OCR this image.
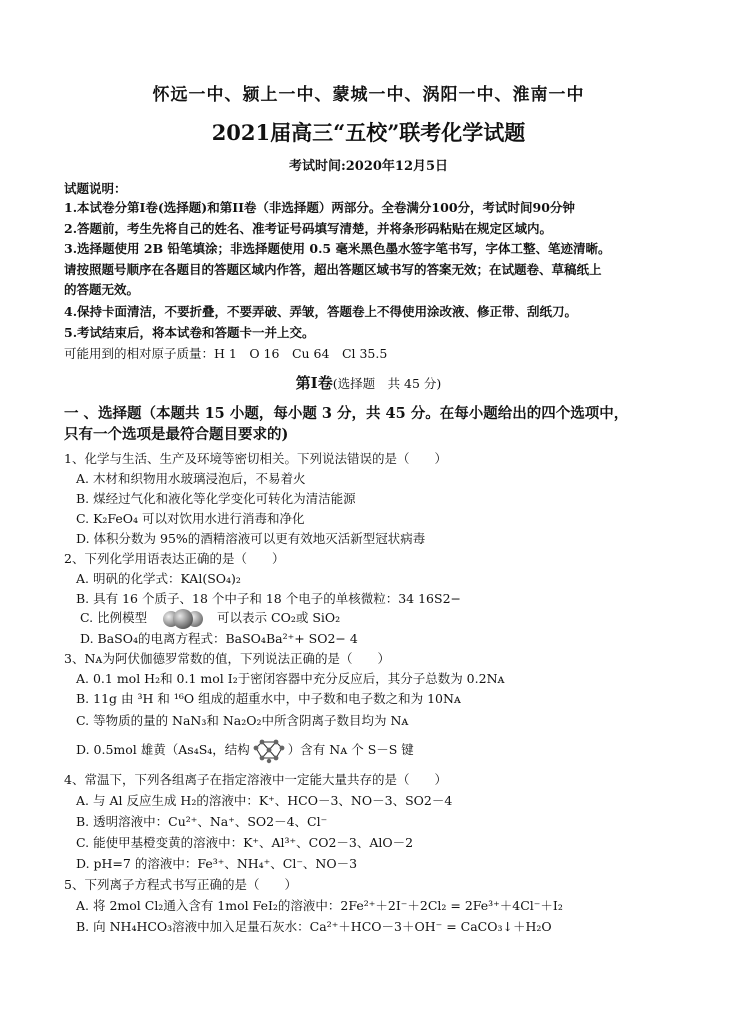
怀远一中、颍上一中、蒙城一中、涡阳一中、淮南一中
2021届高三“五校”联考化学试题
考试时间:2020年12月5日
试题说明：
1.本试卷分第Ⅰ卷(选择题)和第II卷（非选择题）两部分。全卷满分100分，考试时间90分钟
2.答题前，考生先将自己的姓名、准考证号码填写清楚，并将条形码粘贴在规定区域内。
3.选择题使用 2B 铅笔填涂；非选择题使用 0.5 毫米黑色墨水签字笔书写，字体工整、笔迹清晰。
请按照题号顺序在各题目的答题区域内作答，超出答题区域书写的答案无效；在试题卷、草稿纸上
的答题无效。
4.保持卡面清洁，不要折叠，不要弄破、弄皱，答题卷上不得使用涂改液、修正带、刮纸刀。
5.考试结束后，将本试卷和答题卡一并上交。
可能用到的相对原子质量：H 1　O 16　Cu 64　Cl 35.5
第Ⅰ卷(选择题　共 45 分)
一 、选择题（本题共 15 小题，每小题 3 分，共 45 分。在每小题给出的四个选项中，
只有一个选项是最符合题目要求的)
1、化学与生活、生产及环境等密切相关。下列说法错误的是（　　）
A. 木材和织物用水玻璃浸泡后，不易着火
B. 煤经过气化和液化等化学变化可转化为清洁能源
C. K₂FeO₄ 可以对饮用水进行消毒和净化
D. 体积分数为 95%的酒精溶液可以更有效地灭活新型冠状病毒
2、下列化学用语表达正确的是（　　）
A. 明矾的化学式：KAl(SO₄)₂
B. 具有 16 个质子、18 个中子和 18 个电子的单核微粒：34 16S2−
C. 比例模型	可以表示 CO₂或 SiO₂
D. BaSO₄的电离方程式：BaSO₄Ba²⁺+ SO2− 4
3、Nᴀ为阿伏伽德罗常数的值，下列说法正确的是（　　）
A. 0.1 mol H₂和 0.1 mol I₂于密闭容器中充分反应后，其分子总数为 0.2Nᴀ
B. 11g 由 ³H 和 ¹⁶O 组成的超重水中，中子数和电子数之和为 10Nᴀ
C. 等物质的量的 NaN₃和 Na₂O₂中所含阴离子数目均为 Nᴀ
D. 0.5mol 雄黄（As₄S₄，结构	）含有 Nᴀ 个 S－S 键
4、常温下，下列各组离子在指定溶液中一定能大量共存的是（　　）
A. 与 Al 反应生成 H₂的溶液中：K⁺、HCO－3、NO－3、SO2－4
B. 透明溶液中：Cu²⁺、Na⁺、SO2－4、Cl⁻
C. 能使甲基橙变黄的溶液中：K⁺、Al³⁺、CO2－3、AlO－2
D. pH=7 的溶液中：Fe³⁺、NH₄⁺、Cl⁻、NO－3
5、下列离子方程式书写正确的是（　　）
A. 将 2mol Cl₂通入含有 1mol FeI₂的溶液中：2Fe²⁺＋2I⁻＋2Cl₂ = 2Fe³⁺＋4Cl⁻＋I₂
B. 向 NH₄HCO₃溶液中加入足量石灰水：Ca²⁺＋HCO－3＋OH⁻ = CaCO₃↓＋H₂O
